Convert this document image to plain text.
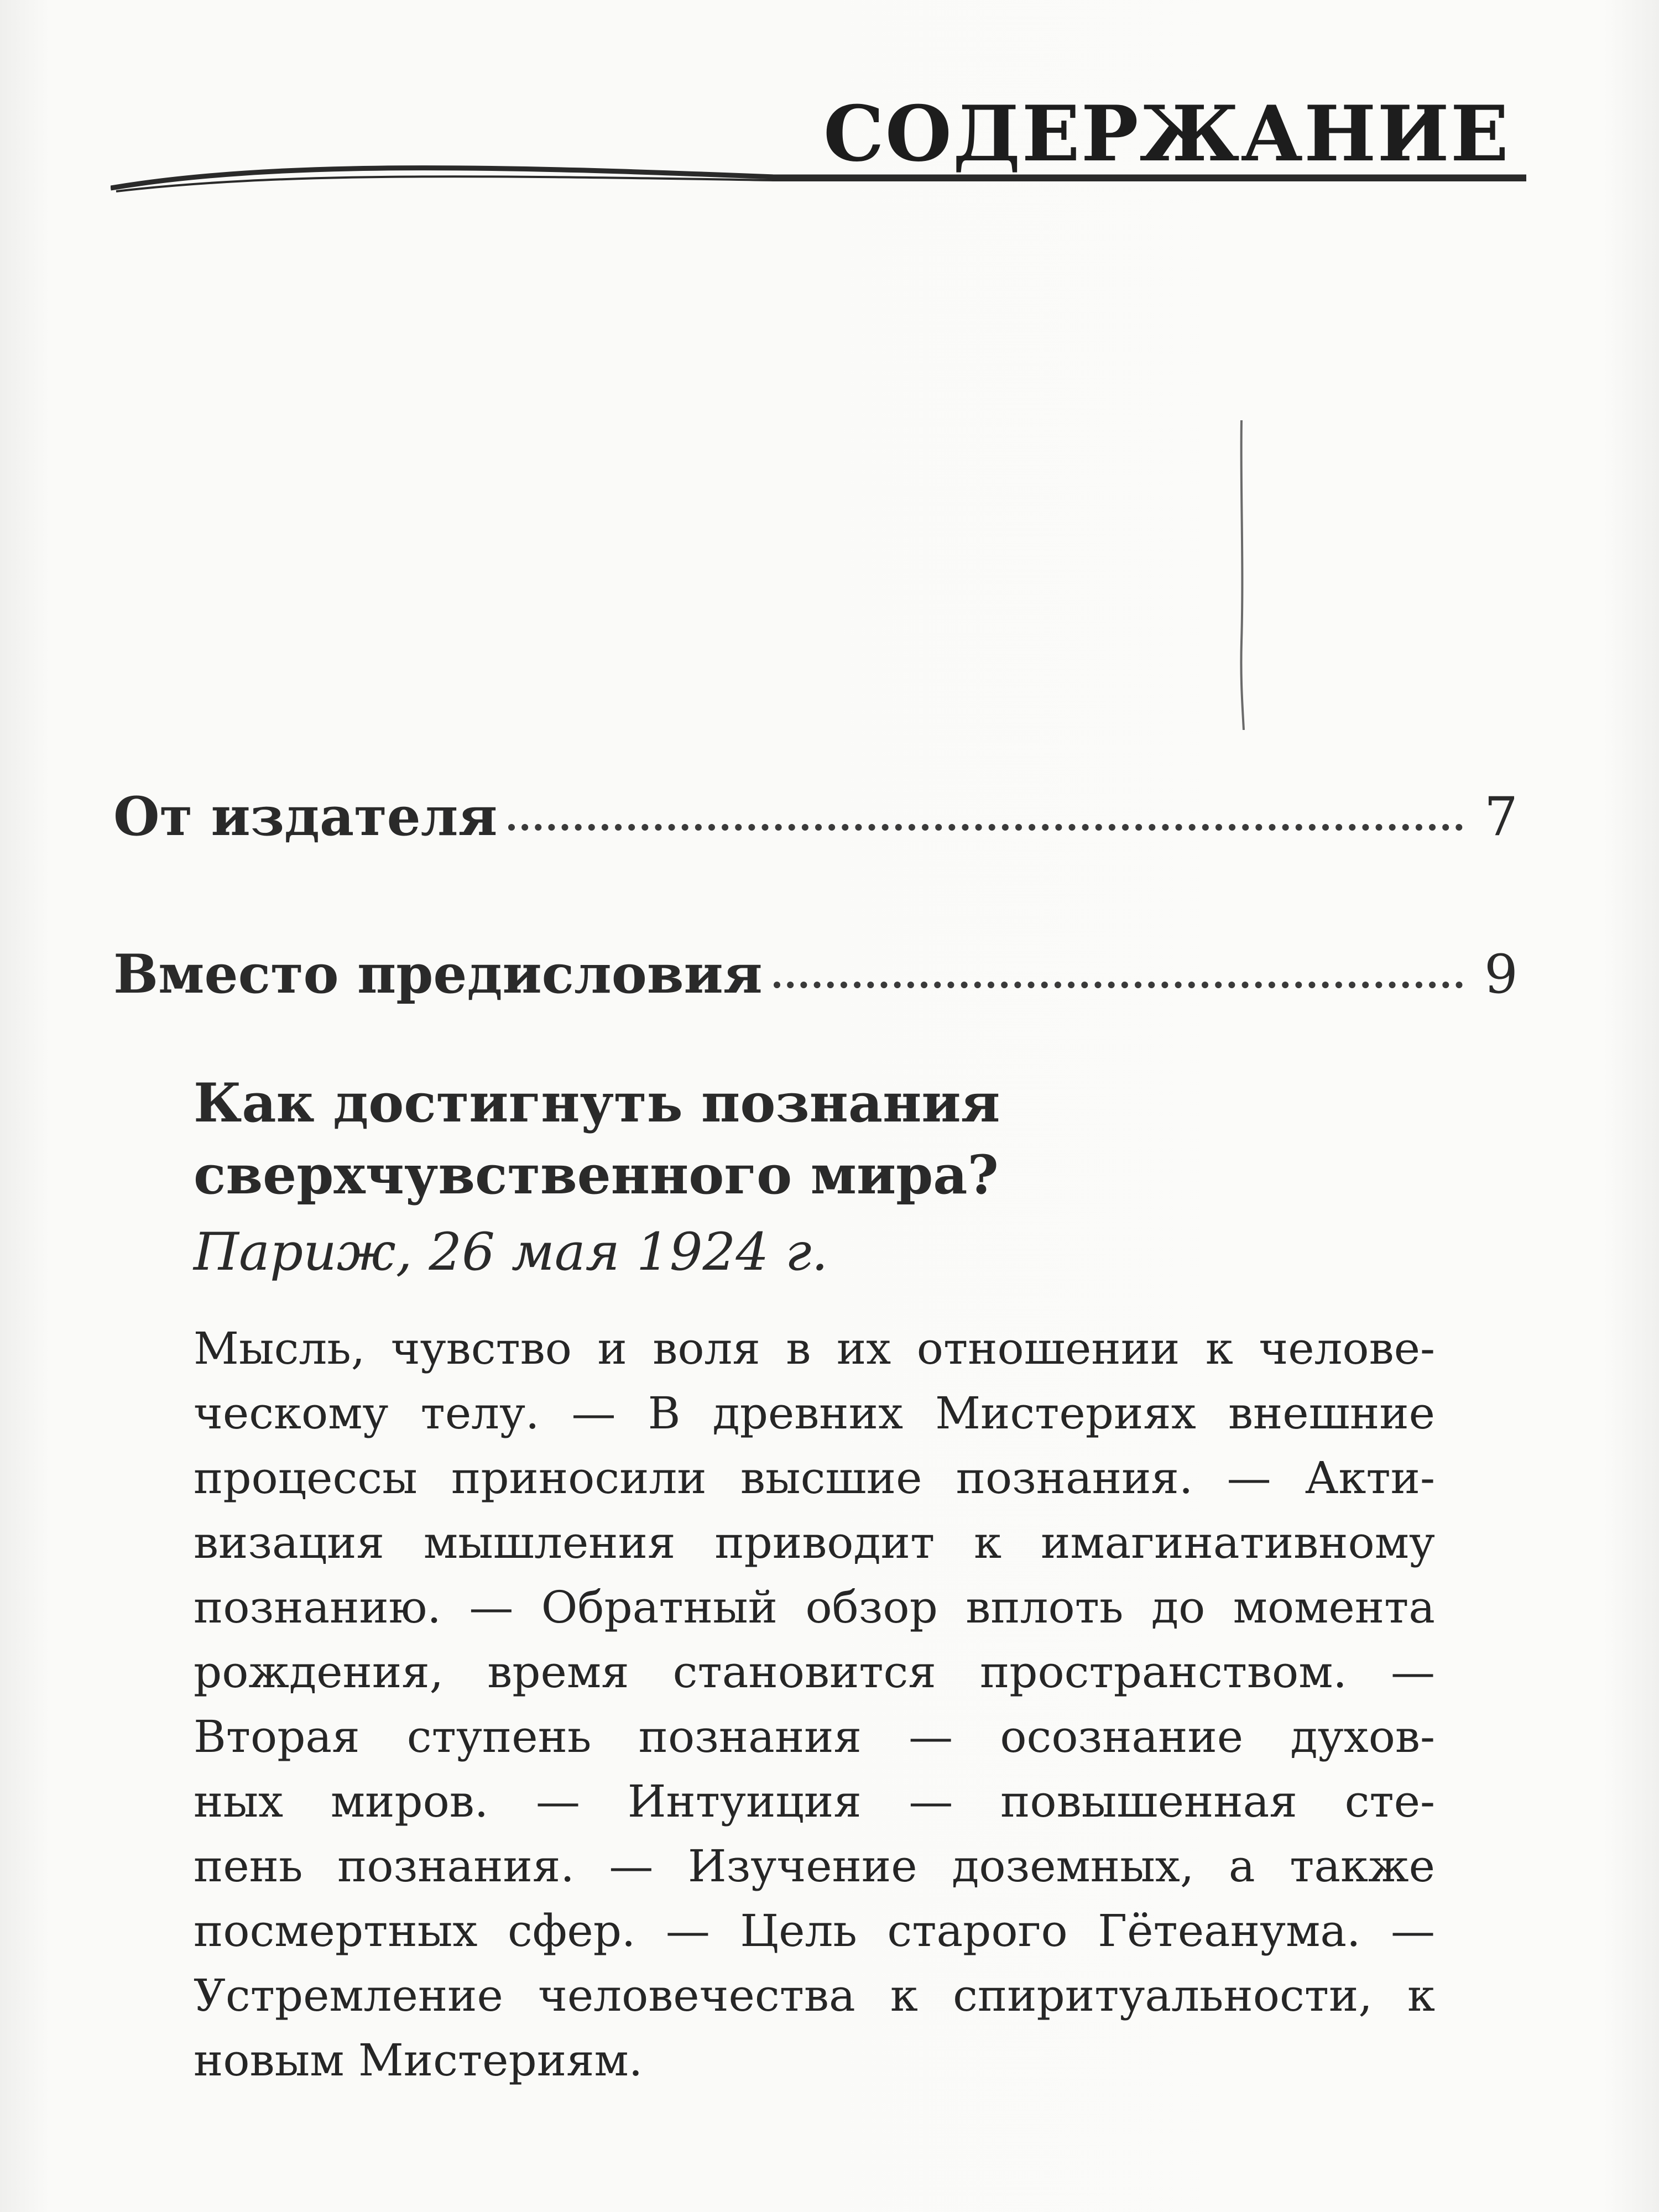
СОДЕРЖАНИЕ
От издателя	7
Вместо предисловия	9
Как достигнуть познания
сверхчувственного мира?
Париж, 26 мая 1924 г.
Мысль, чувство и воля в их отношении к челове-
ческому телу. — В древних Мистериях внешние
процессы приносили высшие познания. — Акти-
визация мышления приводит к имагинативному
познанию. — Обратный обзор вплоть до момента
рождения, время становится пространством. —
Вторая ступень познания — осознание духов-
ных миров. — Интуиция — повышенная сте-
пень познания. — Изучение доземных, а также
посмертных сфер. — Цель старого Гётеанума. —
Устремление человечества к спиритуальности, к
новым Мистериям.
